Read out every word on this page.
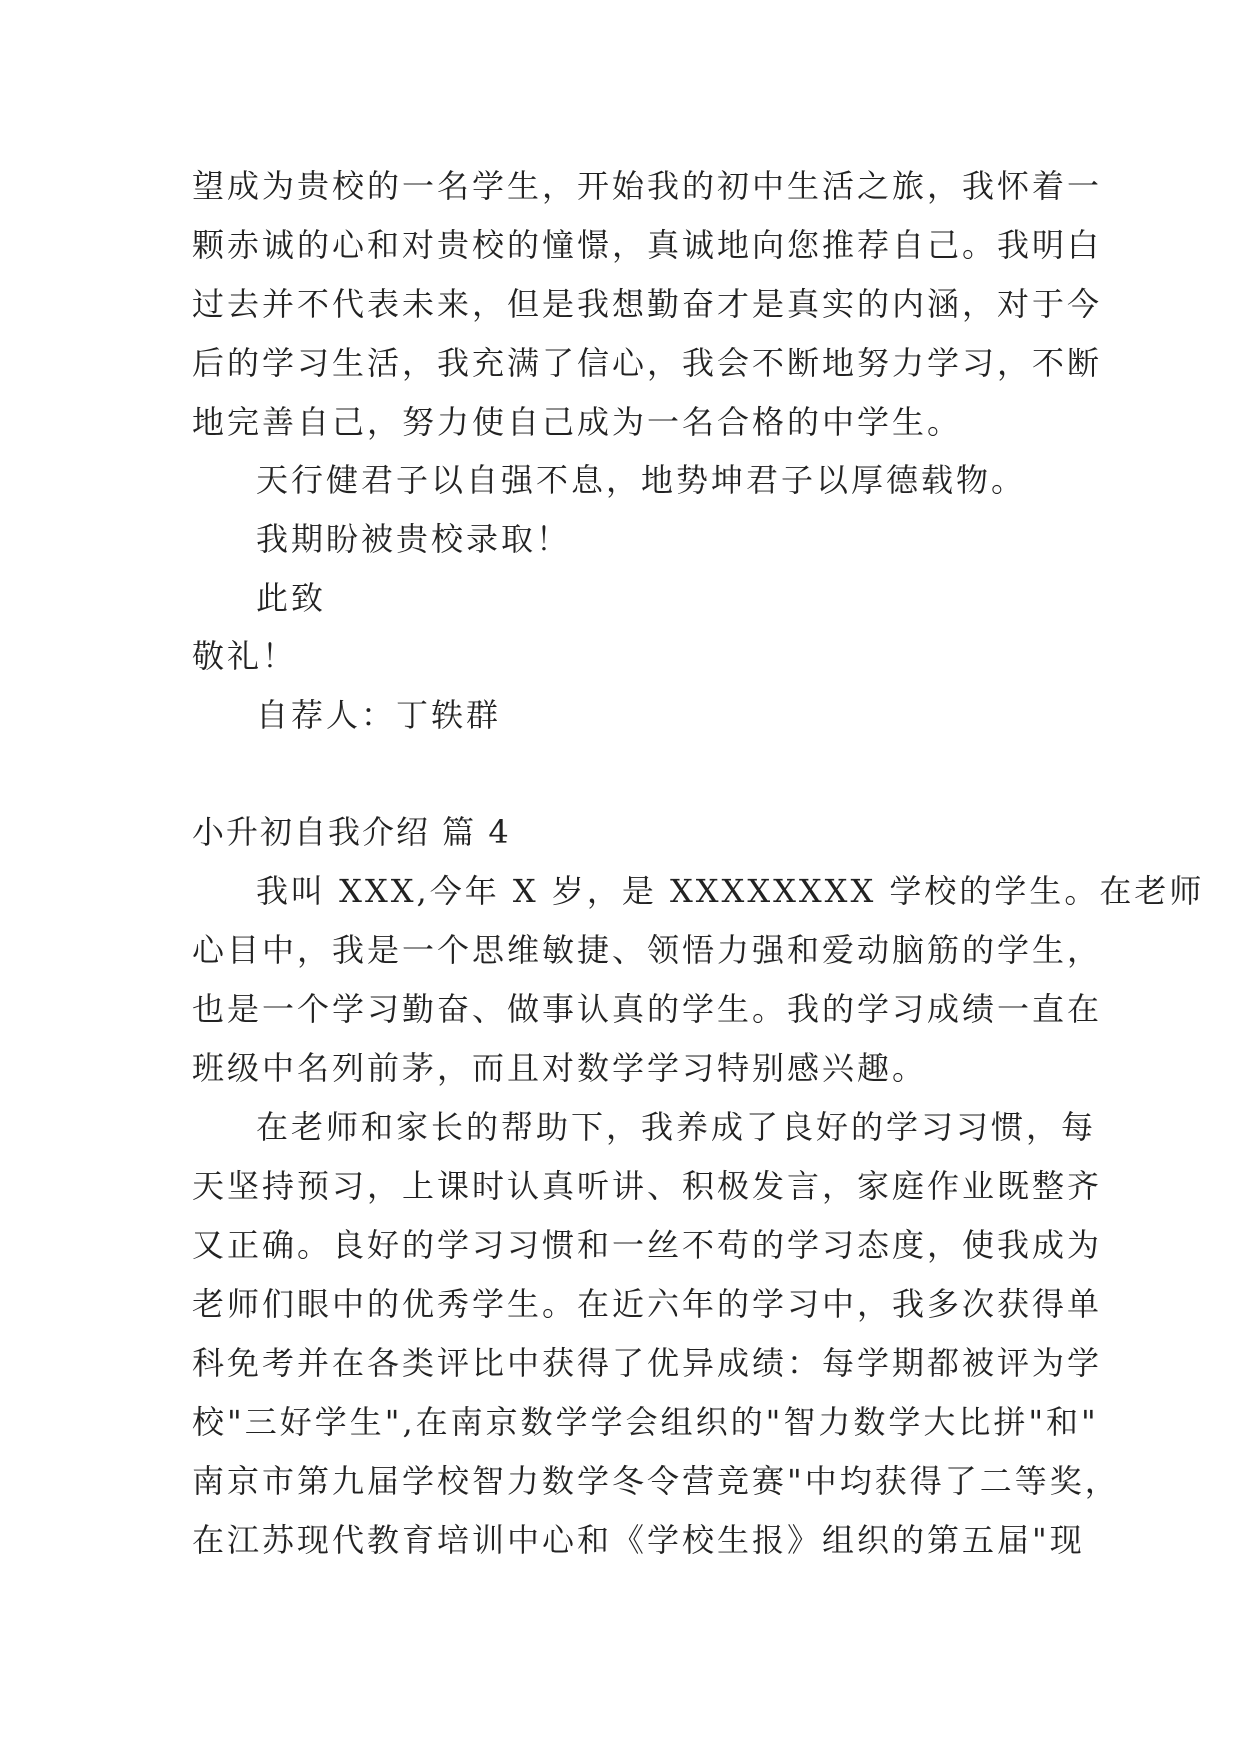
望成为贵校的一名学生，开始我的初中生活之旅，我怀着一

颗赤诚的心和对贵校的憧憬，真诚地向您推荐自己。我明白

过去并不代表未来，但是我想勤奋才是真实的内涵，对于今

后的学习生活，我充满了信心，我会不断地努力学习，不断

地完善自己，努力使自己成为一名合格的中学生。

天行健君子以自强不息，地势坤君子以厚德载物。

我期盼被贵校录取！

此致

敬礼！

自荐人：丁轶群

小升初自我介绍 篇 4

我叫 XXX,今年 X 岁，是 XXXXXXXX 学校的学生。在老师

心目中，我是一个思维敏捷、领悟力强和爱动脑筋的学生，

也是一个学习勤奋、做事认真的学生。我的学习成绩一直在

班级中名列前茅，而且对数学学习特别感兴趣。

在老师和家长的帮助下，我养成了良好的学习习惯，每

天坚持预习，上课时认真听讲、积极发言，家庭作业既整齐

又正确。良好的学习习惯和一丝不苟的学习态度，使我成为

老师们眼中的优秀学生。在近六年的学习中，我多次获得单

科免考并在各类评比中获得了优异成绩：每学期都被评为学

校"三好学生",在南京数学学会组织的"智力数学大比拼"和"

南京市第九届学校智力数学冬令营竞赛"中均获得了二等奖，

在江苏现代教育培训中心和《学校生报》组织的第五届"现
